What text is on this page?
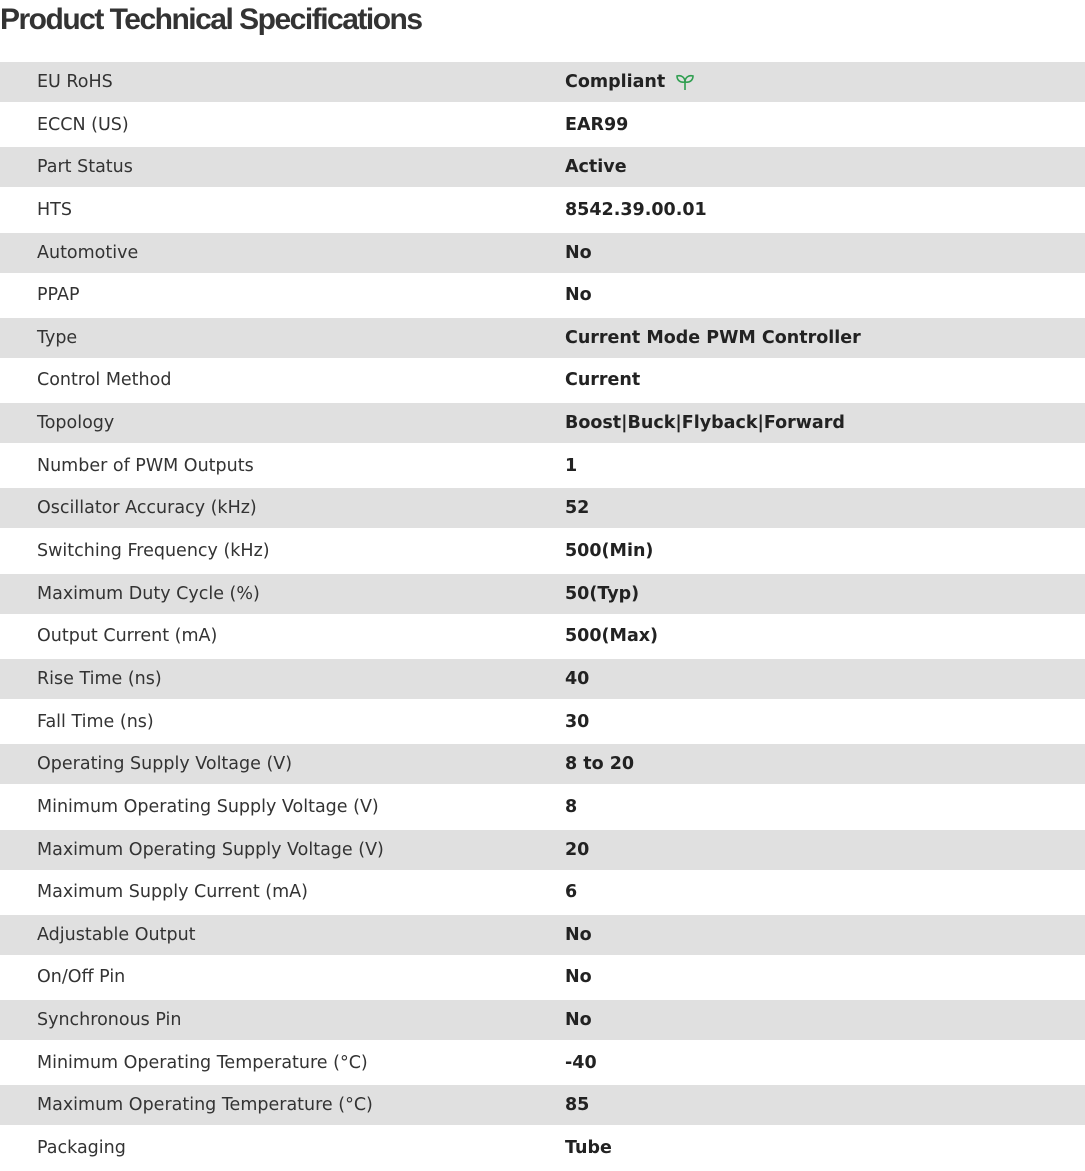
Product Technical Specifications
EU RoHS	Compliant
ECCN (US)	EAR99
Part Status	Active
HTS	8542.39.00.01
Automotive	No
PPAP	No
Type	Current Mode PWM Controller
Control Method	Current
Topology	Boost|Buck|Flyback|Forward
Number of PWM Outputs	1
Oscillator Accuracy (kHz)	52
Switching Frequency (kHz)	500(Min)
Maximum Duty Cycle (%)	50(Typ)
Output Current (mA)	500(Max)
Rise Time (ns)	40
Fall Time (ns)	30
Operating Supply Voltage (V)	8 to 20
Minimum Operating Supply Voltage (V)	8
Maximum Operating Supply Voltage (V)	20
Maximum Supply Current (mA)	6
Adjustable Output	No
On/Off Pin	No
Synchronous Pin	No
Minimum Operating Temperature (°C)	-40
Maximum Operating Temperature (°C)	85
Packaging	Tube
